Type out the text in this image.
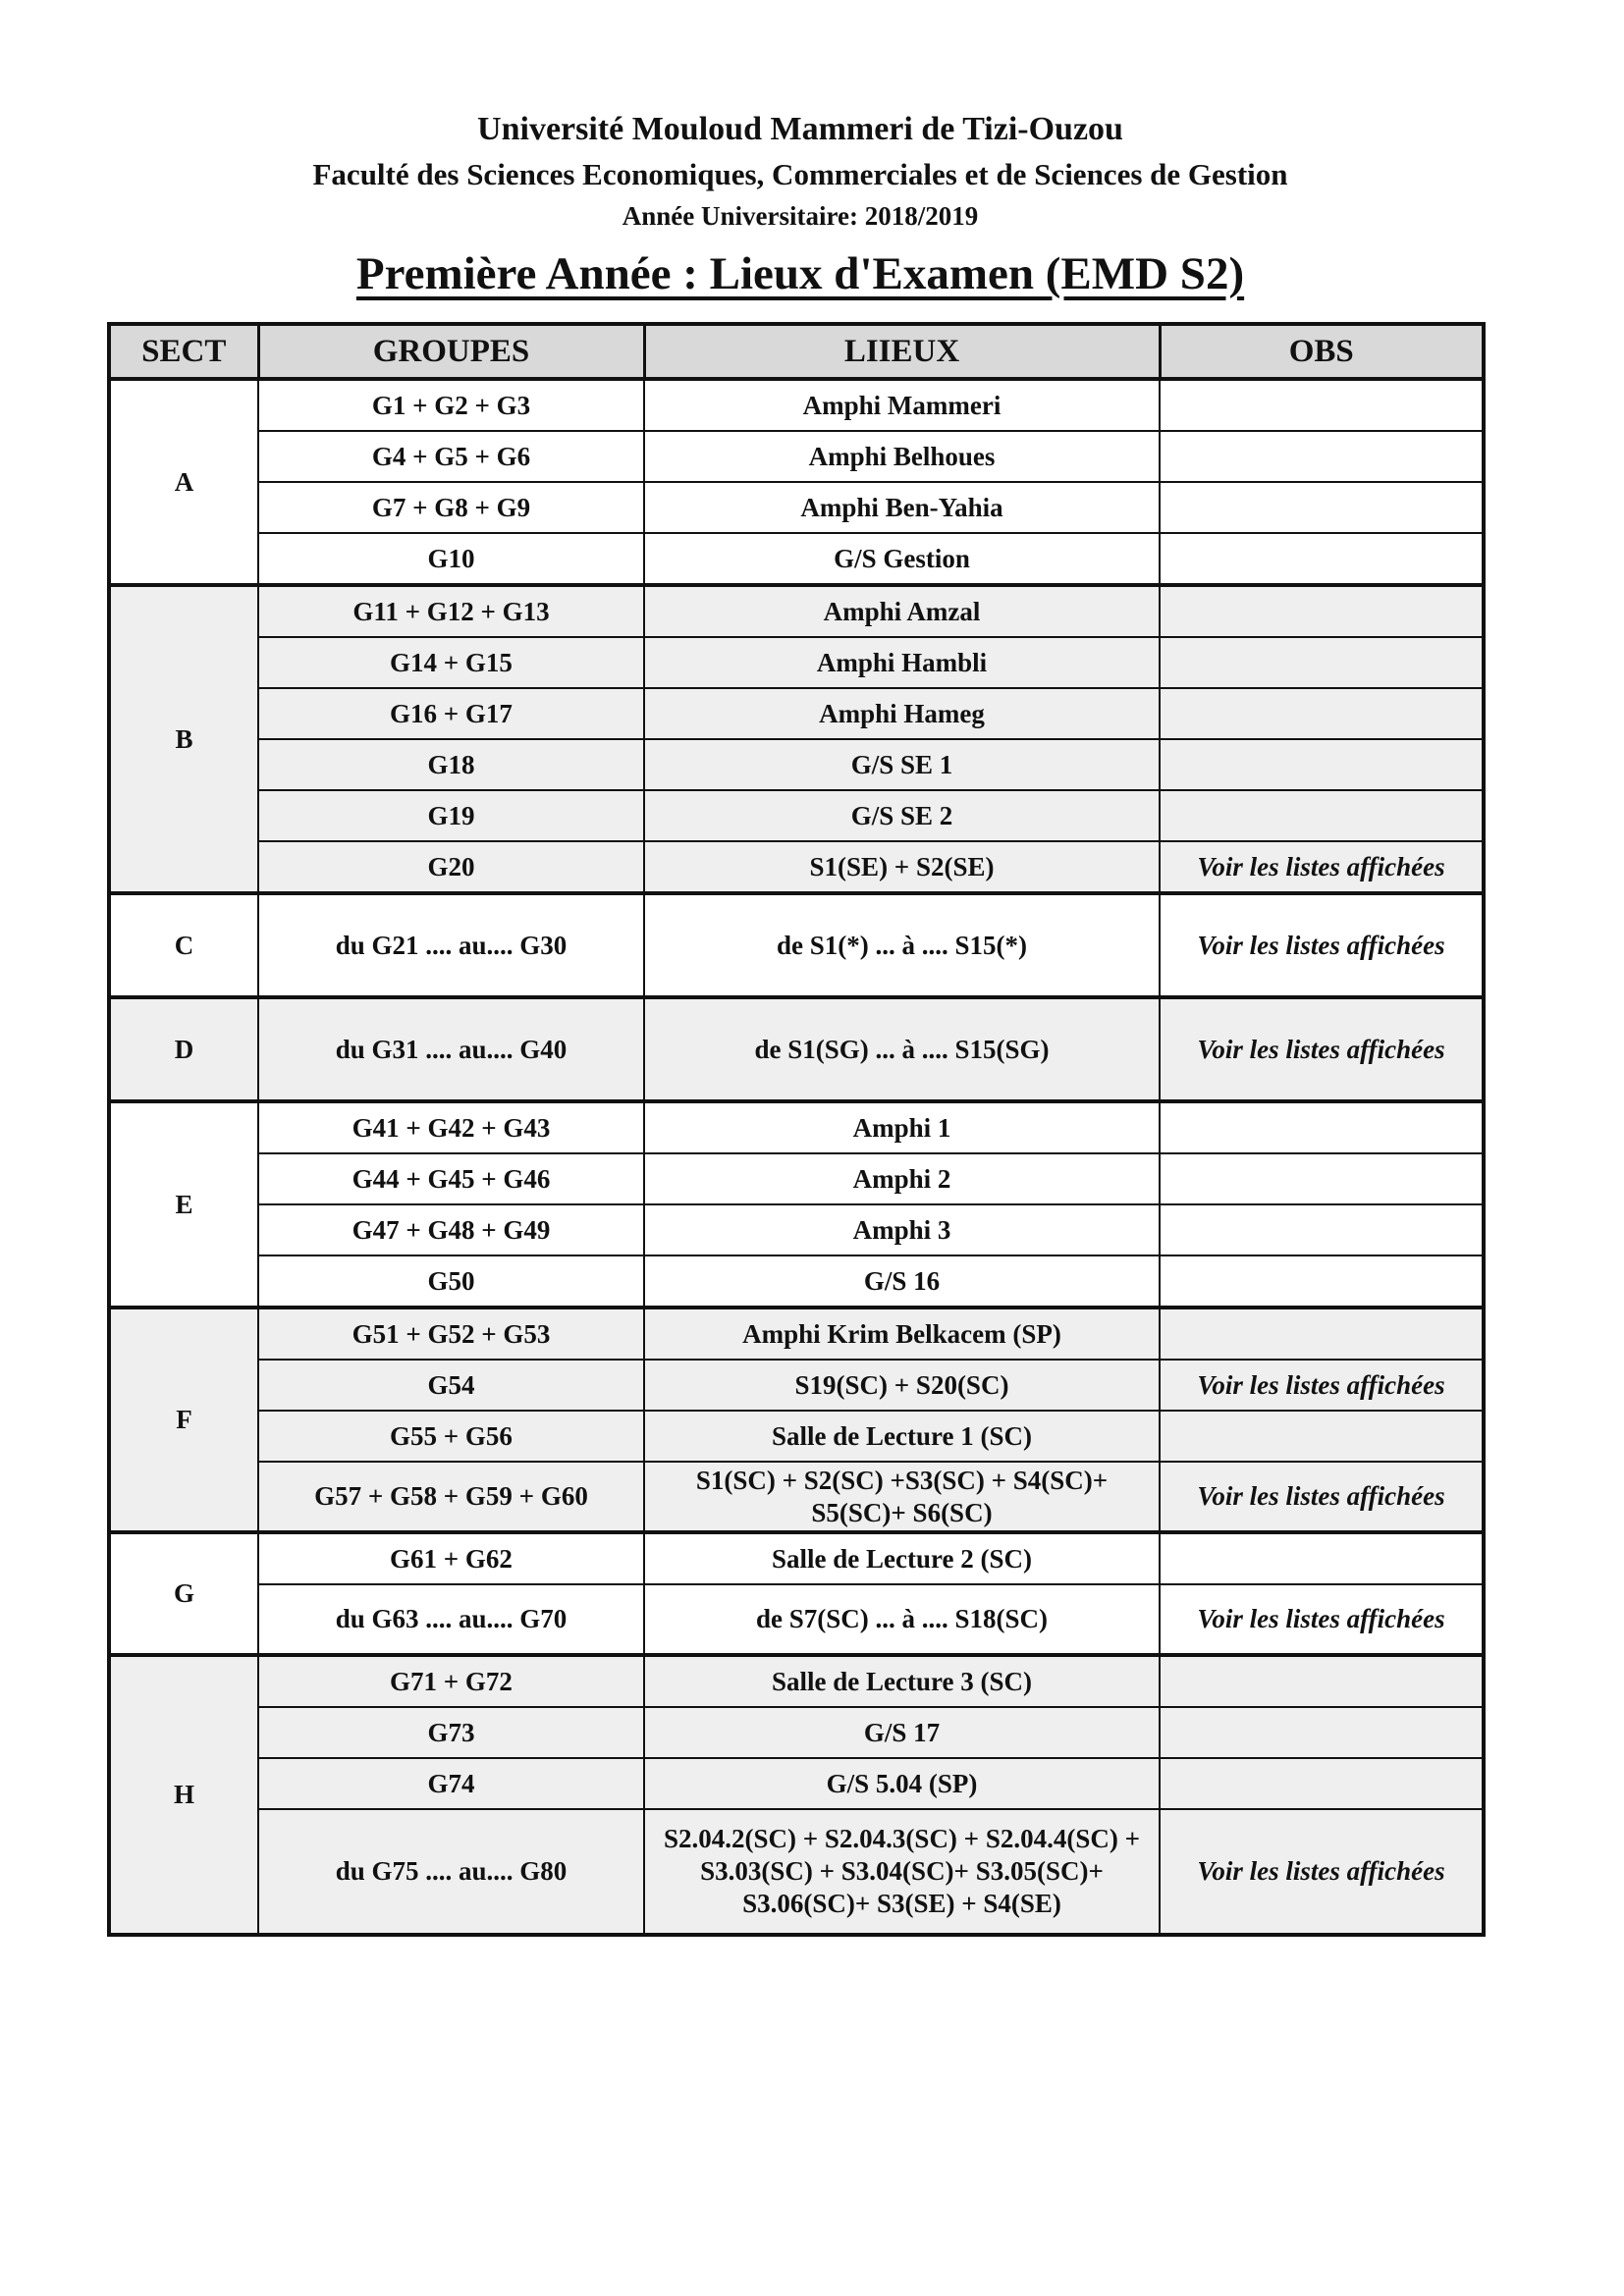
Université Mouloud Mammeri de Tizi-Ouzou
Faculté des Sciences Economiques, Commerciales et de Sciences de Gestion
Année Universitaire: 2018/2019
Première Année : Lieux d'Examen (EMD S2)
SECT	GROUPES	LIIEUX	OBS
A	G1 + G2 + G3	Amphi Mammeri	
	G4 + G5 + G6	Amphi Belhoues	
	G7 + G8 + G9	Amphi Ben-Yahia	
	G10	G/S Gestion	
B	G11 + G12 + G13	Amphi Amzal	
	G14 + G15	Amphi Hambli	
	G16 + G17	Amphi Hameg	
	G18	G/S SE 1	
	G19	G/S SE 2	
	G20	S1(SE) + S2(SE)	Voir les listes affichées
C	du G21 .... au.... G30	de S1(*) ... à .... S15(*)	Voir les listes affichées
D	du G31 .... au.... G40	de S1(SG) ... à .... S15(SG)	Voir les listes affichées
E	G41 + G42 + G43	Amphi 1	
	G44 + G45 + G46	Amphi 2	
	G47 + G48 + G49	Amphi 3	
	G50	G/S 16	
F	G51 + G52 + G53	Amphi Krim Belkacem (SP)	
	G54	S19(SC) + S20(SC)	Voir les listes affichées
	G55 + G56	Salle de Lecture 1 (SC)	
	G57 + G58 + G59 + G60	S1(SC) + S2(SC) +S3(SC) + S4(SC)+
S5(SC)+ S6(SC)	Voir les listes affichées
G	G61 + G62	Salle de Lecture 2 (SC)	
	du G63 .... au.... G70	de S7(SC) ... à .... S18(SC)	Voir les listes affichées
H	G71 + G72	Salle de Lecture 3 (SC)	
	G73	G/S 17	
	G74	G/S 5.04 (SP)	
	du G75 .... au.... G80	S2.04.2(SC) + S2.04.3(SC) + S2.04.4(SC) +
S3.03(SC) + S3.04(SC)+ S3.05(SC)+
S3.06(SC)+ S3(SE) + S4(SE)	Voir les listes affichées
